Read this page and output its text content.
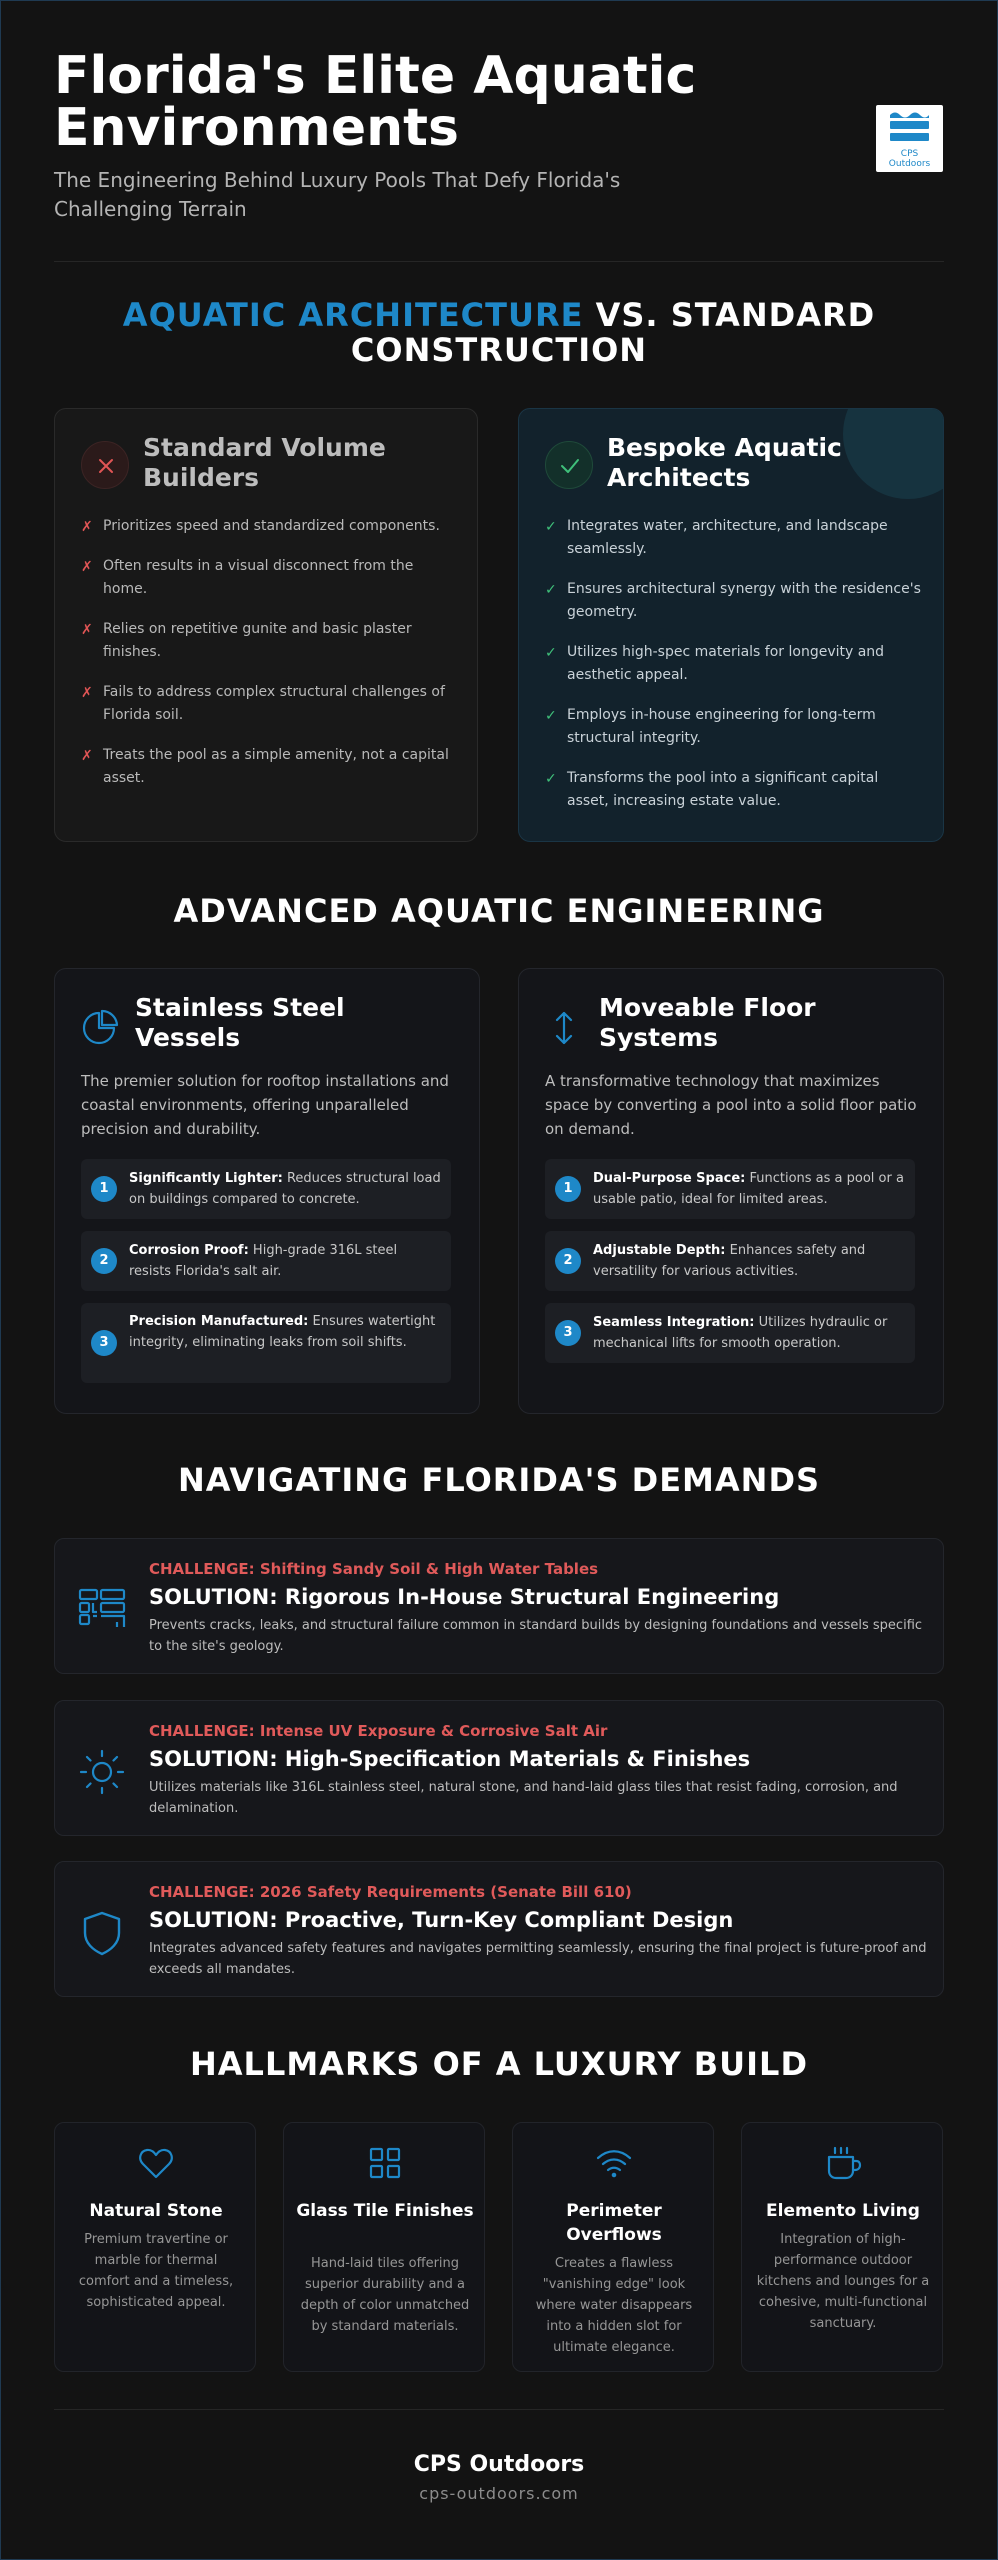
Florida's Elite Aquatic Environments

The Engineering Behind Luxury Pools That Defy Florida's Challenging Terrain

CPS
Outdoors
AQUATIC ARCHITECTURE VS. STANDARD CONSTRUCTION
Standard Volume Builders
✗ Prioritizes speed and standardized components.
✗ Often results in a visual disconnect from the home.
✗ Relies on repetitive gunite and basic plaster finishes.
✗ Fails to address complex structural challenges of Florida soil.
✗ Treats the pool as a simple amenity, not a capital asset.
Bespoke Aquatic Architects
✓ Integrates water, architecture, and landscape seamlessly.
✓ Ensures architectural synergy with the residence's geometry.
✓ Utilizes high-spec materials for longevity and aesthetic appeal.
✓ Employs in-house engineering for long-term structural integrity.
✓ Transforms the pool into a significant capital asset, increasing estate value.
ADVANCED AQUATIC ENGINEERING
Stainless Steel Vessels

The premier solution for rooftop installations and coastal environments, offering unparalleled precision and durability.

1

Significantly Lighter: Reduces structural load on buildings compared to concrete.

2

Corrosion Proof: High-grade 316L steel resists Florida's salt air.

3

Precision Manufactured: Ensures watertight integrity, eliminating leaks from soil shifts.

Moveable Floor Systems

A transformative technology that maximizes space by converting a pool into a solid floor patio on demand.

1

Dual-Purpose Space: Functions as a pool or a usable patio, ideal for limited areas.

2

Adjustable Depth: Enhances safety and versatility for various activities.

3

Seamless Integration: Utilizes hydraulic or mechanical lifts for smooth operation.

NAVIGATING FLORIDA'S DEMANDS
CHALLENGE: Shifting Sandy Soil & High Water Tables
SOLUTION: Rigorous In-House Structural Engineering

Prevents cracks, leaks, and structural failure common in standard builds by designing foundations and vessels specific to the site's geology.

CHALLENGE: Intense UV Exposure & Corrosive Salt Air
SOLUTION: High-Specification Materials & Finishes

Utilizes materials like 316L stainless steel, natural stone, and hand-laid glass tiles that resist fading, corrosion, and delamination.

CHALLENGE: 2026 Safety Requirements (Senate Bill 610)
SOLUTION: Proactive, Turn-Key Compliant Design

Integrates advanced safety features and navigates permitting seamlessly, ensuring the final project is future-proof and exceeds all mandates.

HALLMARKS OF A LUXURY BUILD
Natural Stone

Premium travertine or marble for thermal comfort and a timeless, sophisticated appeal.

Glass Tile Finishes

Hand-laid tiles offering superior durability and a depth of color unmatched by standard materials.

Perimeter Overflows

Creates a flawless "vanishing edge" look where water disappears into a hidden slot for ultimate elegance.

Elemento Living

Integration of high-performance outdoor kitchens and lounges for a cohesive, multi-functional sanctuary.

CPS Outdoors
cps-outdoors.com
